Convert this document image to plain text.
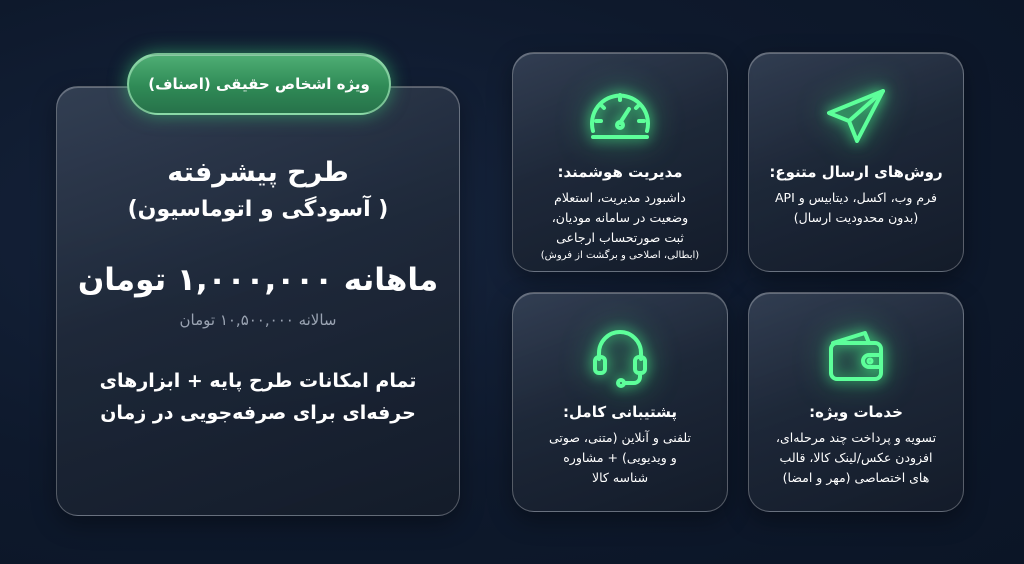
طرح پیشرفته
( آسودگی و اتوماسیون)
ماهانه ۱,۰۰۰,۰۰۰ تومان
سالانه ۱۰,۵۰۰,۰۰۰ تومان
تمام امکانات طرح پایه + ابزارهای
حرفه‌ای برای صرفه‌جویی در زمان
ویژه اشخاص حقیقی (اصناف)
مدیریت هوشمند:
داشبورد مدیریت، استعلام
وضعیت در سامانه مودیان،
ثبت صورتحساب ارجاعی
(ابطالی، اصلاحی و برگشت از فروش)
روش‌های ارسال متنوع:
فرم وب، اکسل، دیتابیس و API
(بدون محدودیت ارسال)
پشتیبانی کامل:
تلفنی و آنلاین (متنی، صوتی
و ویدیویی) + مشاوره
شناسه کالا
خدمات ویژه:
تسویه و پرداخت چند مرحله‌ای،
افزودن عکس/لینک کالا، قالب
های اختصاصی (مهر و امضا)
